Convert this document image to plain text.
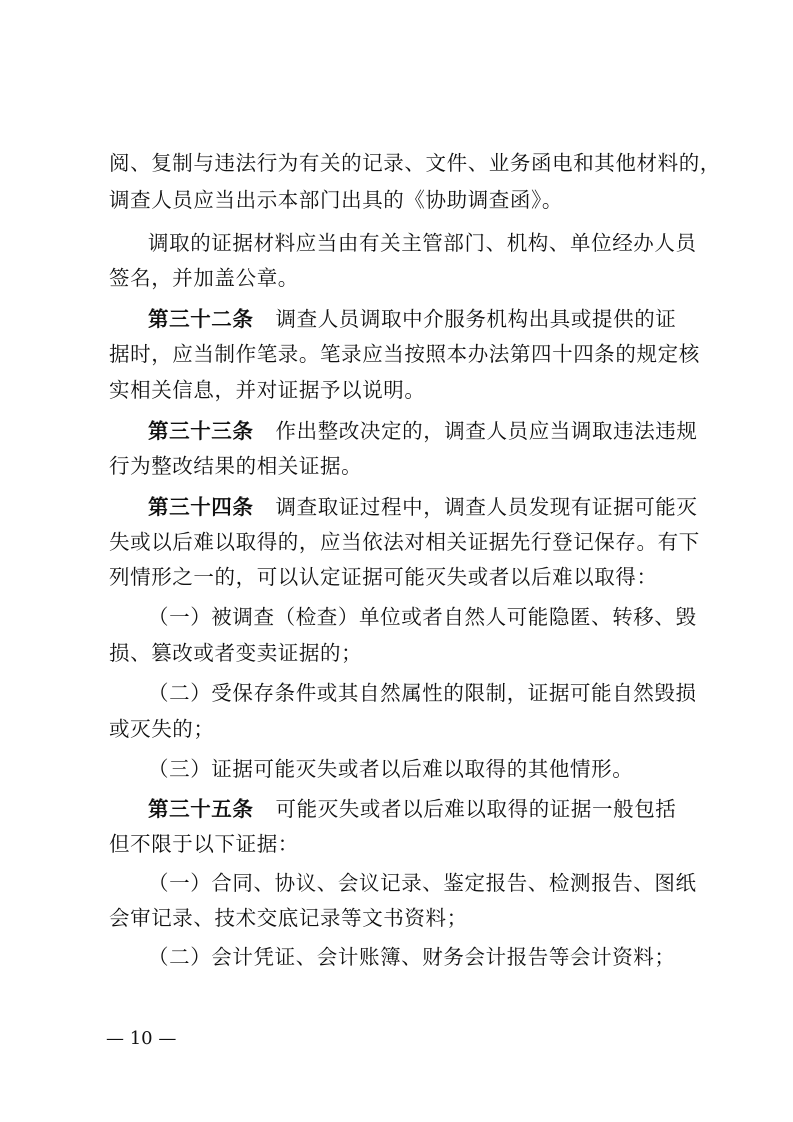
阅、复制与违法行为有关的记录、文件、业务函电和其他材料的，
调查人员应当出示本部门出具的《协助调查函》。
调取的证据材料应当由有关主管部门、机构、单位经办人员
签名，并加盖公章。
第三十二条 调查人员调取中介服务机构出具或提供的证
据时，应当制作笔录。笔录应当按照本办法第四十四条的规定核
实相关信息，并对证据予以说明。
第三十三条 作出整改决定的，调查人员应当调取违法违规
行为整改结果的相关证据。
第三十四条 调查取证过程中，调查人员发现有证据可能灭
失或以后难以取得的，应当依法对相关证据先行登记保存。有下
列情形之一的，可以认定证据可能灭失或者以后难以取得：
（一）被调查（检查）单位或者自然人可能隐匿、转移、毁
损、篡改或者变卖证据的；
（二）受保存条件或其自然属性的限制，证据可能自然毁损
或灭失的；
（三）证据可能灭失或者以后难以取得的其他情形。
第三十五条 可能灭失或者以后难以取得的证据一般包括
但不限于以下证据：
（一）合同、协议、会议记录、鉴定报告、检测报告、图纸
会审记录、技术交底记录等文书资料；
（二）会计凭证、会计账簿、财务会计报告等会计资料；
— 10 —
